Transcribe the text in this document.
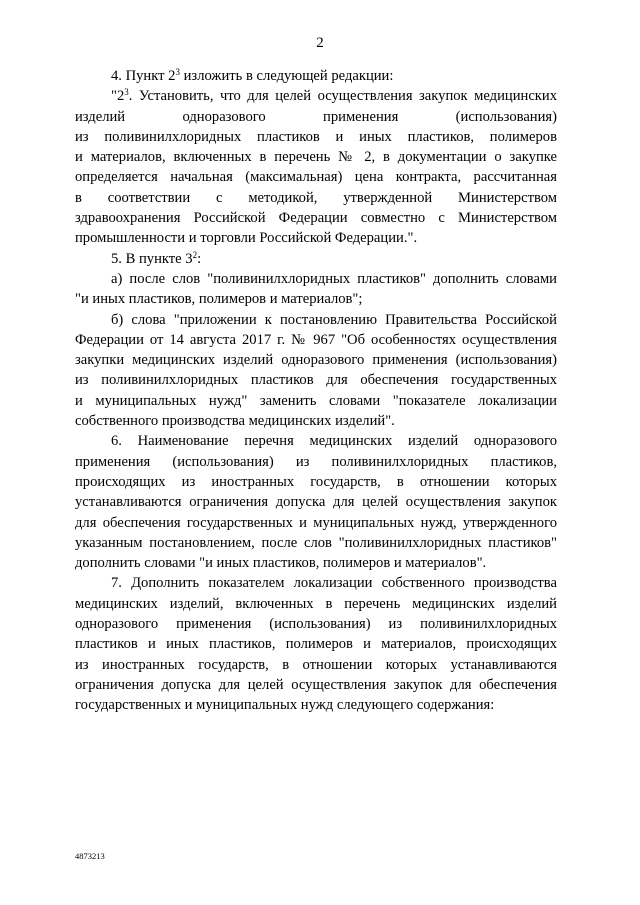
2
4. Пункт $2^3$ изложить в следующей редакции:
"$2^3$. Установить, что для целей осуществления закупок медицинских
изделий одноразового применения (использования)
из поливинилхлоридных пластиков и иных пластиков, полимеров
и материалов, включенных в перечень № 2, в документации о закупке
определяется начальная (максимальная) цена контракта, рассчитанная
в соответствии с методикой, утвержденной Министерством
здравоохранения Российской Федерации совместно с Министерством
промышленности и торговли Российской Федерации.".
5. В пункте $3^2$:
а) после слов "поливинилхлоридных пластиков" дополнить словами
"и иных пластиков, полимеров и материалов";
б) слова "приложении к постановлению Правительства Российской
Федерации от 14 августа 2017 г. № 967 "Об особенностях осуществления
закупки медицинских изделий одноразового применения (использования)
из поливинилхлоридных пластиков для обеспечения государственных
и муниципальных нужд" заменить словами "показателе локализации
собственного производства медицинских изделий".
6. Наименование перечня медицинских изделий одноразового
применения (использования) из поливинилхлоридных пластиков,
происходящих из иностранных государств, в отношении которых
устанавливаются ограничения допуска для целей осуществления закупок
для обеспечения государственных и муниципальных нужд, утвержденного
указанным постановлением, после слов "поливинилхлоридных пластиков"
дополнить словами "и иных пластиков, полимеров и материалов".
7. Дополнить показателем локализации собственного производства
медицинских изделий, включенных в перечень медицинских изделий
одноразового применения (использования) из поливинилхлоридных
пластиков и иных пластиков, полимеров и материалов, происходящих
из иностранных государств, в отношении которых устанавливаются
ограничения допуска для целей осуществления закупок для обеспечения
государственных и муниципальных нужд следующего содержания:
4873213
